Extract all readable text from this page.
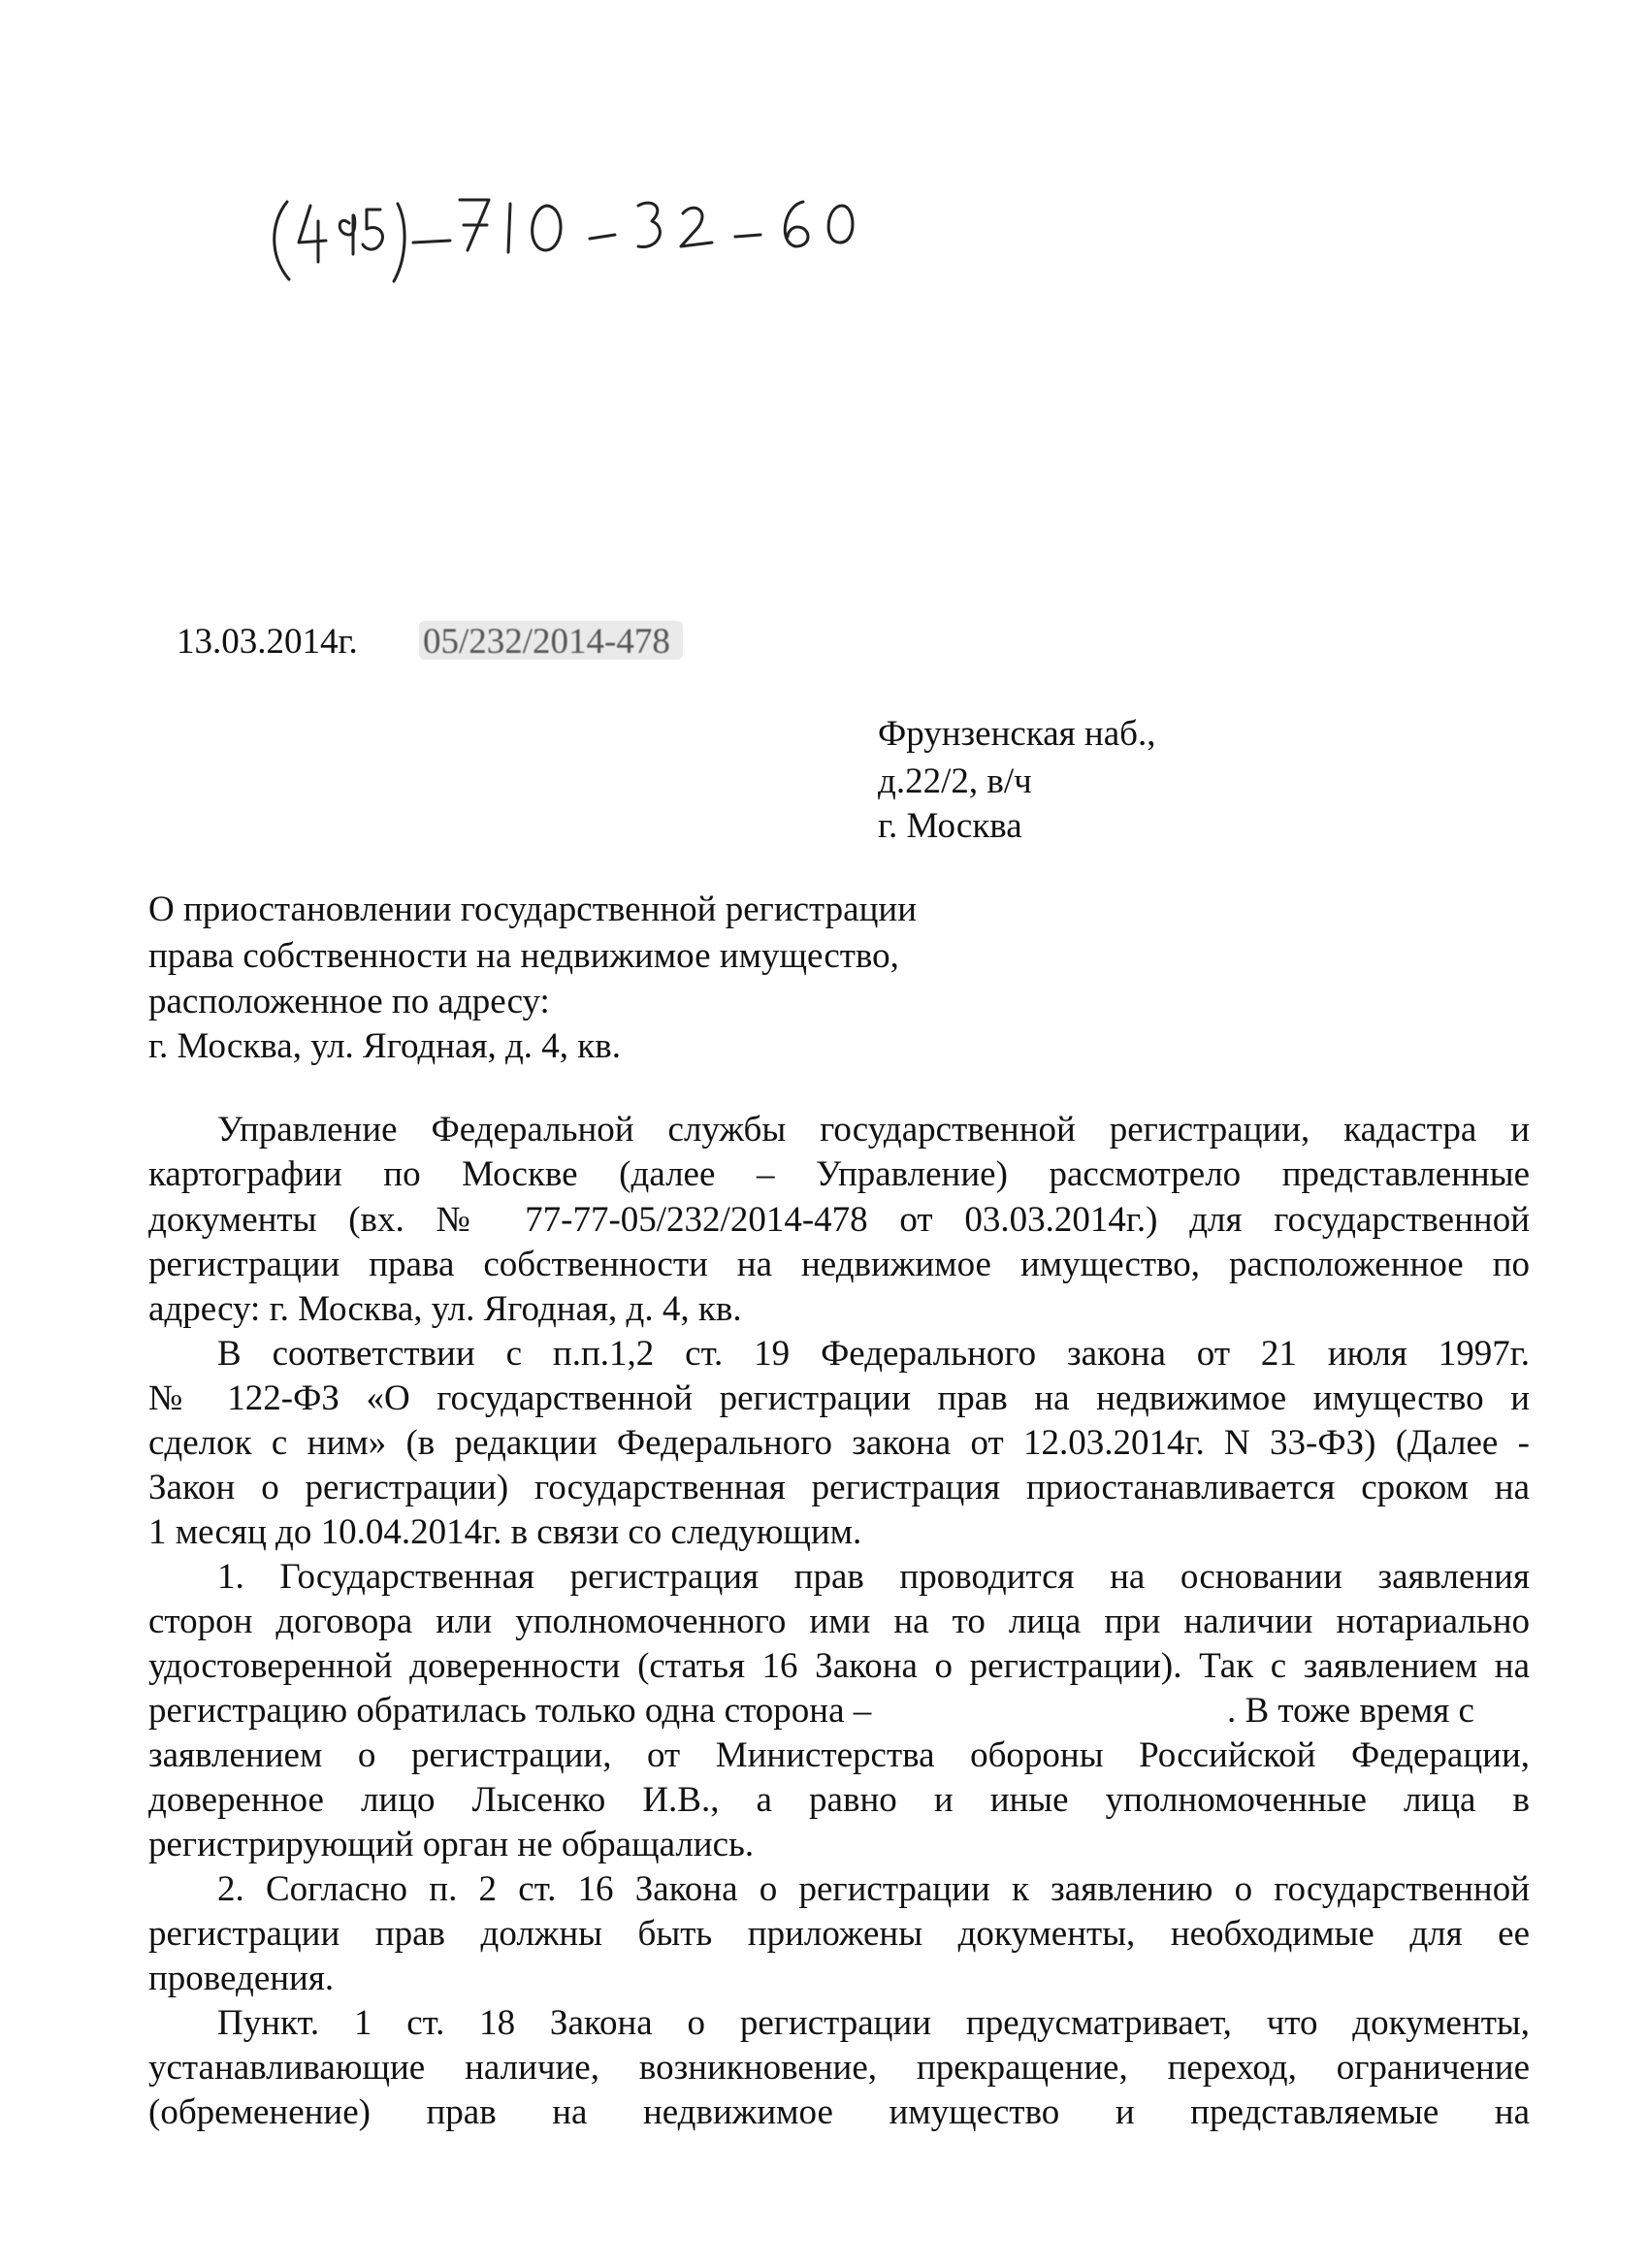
13.03.2014г. 05/232/2014-478
Фрунзенская наб.,
д.22/2, в/ч
г. Москва
О приостановлении государственной регистрации
права собственности на недвижимое имущество,
расположенное по адресу:
г. Москва, ул. Ягодная, д. 4, кв.
Управление Федеральной службы государственной регистрации, кадастра и
картографии по Москве (далее – Управление) рассмотрело представленные
документы (вх. № 77-77-05/232/2014-478 от 03.03.2014г.) для государственной
регистрации права собственности на недвижимое имущество, расположенное по
адресу: г. Москва, ул. Ягодная, д. 4, кв.
В соответствии с п.п.1,2 ст. 19 Федерального закона от 21 июля 1997г.
№ 122-ФЗ «О государственной регистрации прав на недвижимое имущество и
сделок с ним» (в редакции Федерального закона от 12.03.2014г. N 33-ФЗ) (Далее -
Закон о регистрации) государственная регистрация приостанавливается сроком на
1 месяц до 10.04.2014г. в связи со следующим.
1. Государственная регистрация прав проводится на основании заявления
сторон договора или уполномоченного ими на то лица при наличии нотариально
удостоверенной доверенности (статья 16 Закона о регистрации). Так с заявлением на
регистрацию обратилась только одна сторона –	. В тоже время с
заявлением о регистрации, от Министерства обороны Российской Федерации,
доверенное лицо Лысенко И.В., а равно и иные уполномоченные лица в
регистрирующий орган не обращались.
2. Согласно п. 2 ст. 16 Закона о регистрации к заявлению о государственной
регистрации прав должны быть приложены документы, необходимые для ее
проведения.
Пункт. 1 ст. 18 Закона о регистрации предусматривает, что документы,
устанавливающие наличие, возникновение, прекращение, переход, ограничение
(обременение) прав на недвижимое имущество и представляемые на
